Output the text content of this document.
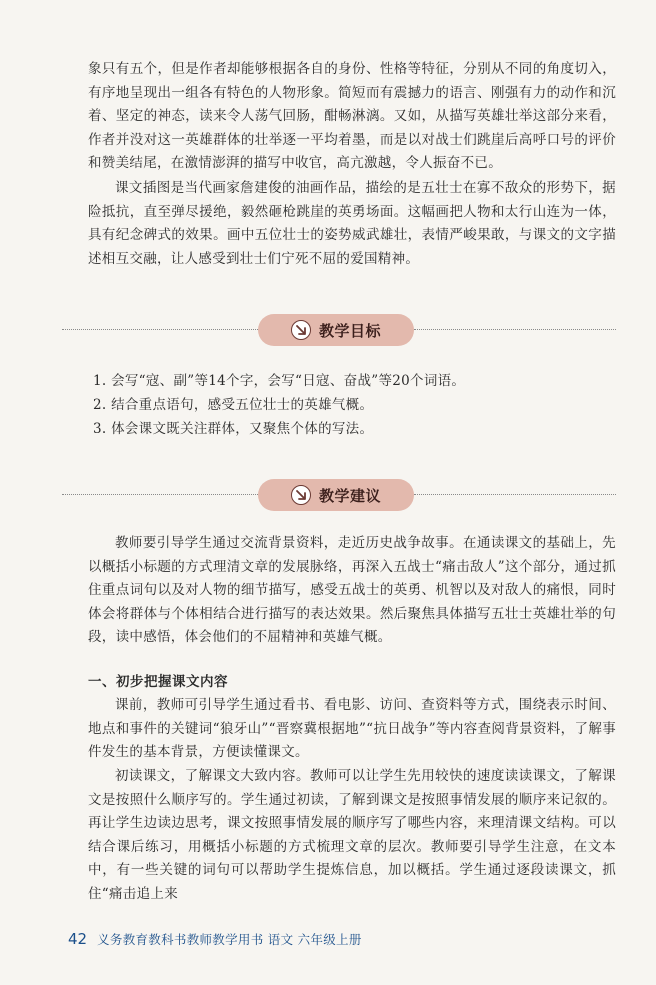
象只有五个，但是作者却能够根据各自的身份、性格等特征，分别从不同的角度切入，有序地呈现出一组各有特色的人物形象。简短而有震撼力的语言、刚强有力的动作和沉着、坚定的神态，读来令人荡气回肠，酣畅淋漓。又如，从描写英雄壮举这部分来看，作者并没对这一英雄群体的壮举逐一平均着墨，而是以对战士们跳崖后高呼口号的评价和赞美结尾，在激情澎湃的描写中收官，高亢激越，令人振奋不已。

课文插图是当代画家詹建俊的油画作品，描绘的是五壮士在寡不敌众的形势下，据险抵抗，直至弹尽援绝，毅然砸枪跳崖的英勇场面。这幅画把人物和太行山连为一体，具有纪念碑式的效果。画中五位壮士的姿势威武雄壮，表情严峻果敢，与课文的文字描述相互交融，让人感受到壮士们宁死不屈的爱国精神。

教学目标

1. 会写“寇、副”等14个字，会写“日寇、奋战”等20个词语。

2. 结合重点语句，感受五位壮士的英雄气概。

3. 体会课文既关注群体，又聚焦个体的写法。

教学建议

教师要引导学生通过交流背景资料，走近历史战争故事。在通读课文的基础上，先以概括小标题的方式理清文章的发展脉络，再深入五战士“痛击敌人”这个部分，通过抓住重点词句以及对人物的细节描写，感受五战士的英勇、机智以及对敌人的痛恨，同时体会将群体与个体相结合进行描写的表达效果。然后聚焦具体描写五壮士英雄壮举的句段，读中感悟，体会他们的不屈精神和英雄气概。

一、初步把握课文内容

课前，教师可引导学生通过看书、看电影、访问、查资料等方式，围绕表示时间、地点和事件的关键词“狼牙山”“晋察冀根据地”“抗日战争”等内容查阅背景资料，了解事件发生的基本背景，方便读懂课文。

初读课文，了解课文大致内容。教师可以让学生先用较快的速度读读课文，了解课文是按照什么顺序写的。学生通过初读，了解到课文是按照事情发展的顺序来记叙的。再让学生边读边思考，课文按照事情发展的顺序写了哪些内容，来理清课文结构。可以结合课后练习，用概括小标题的方式梳理文章的层次。教师要引导学生注意，在文本中，有一些关键的词句可以帮助学生提炼信息，加以概括。学生通过逐段读课文，抓住“痛击追上来

42 义务教育教科书教师教学用书 语文 六年级上册
